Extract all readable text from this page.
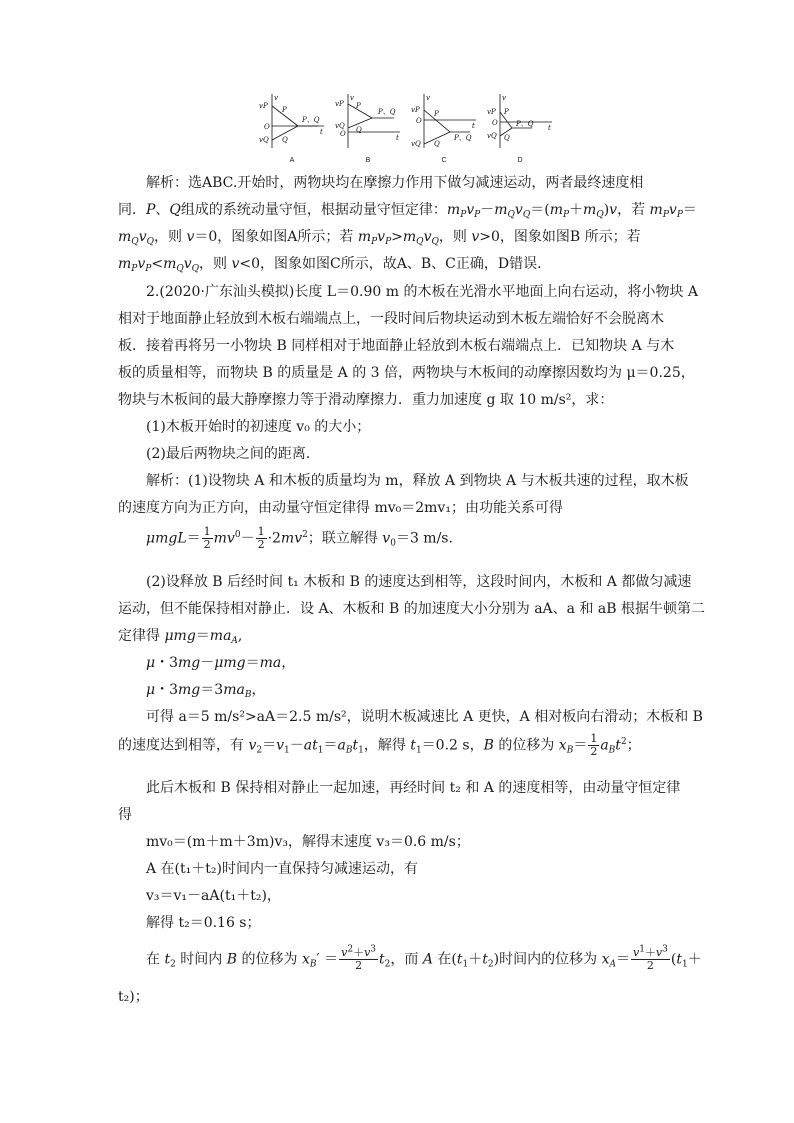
v
vP
O
vQ
P
Q
P、Q
t
A
v
vP
O
vQ
P
Q
P、Q
t
B
v
vP
O
vQ
P
Q
P、Q
t
C
v
vP
O
vQ
P
Q
P、Q t
D
解析：选ABC.开始时，两物块均在摩擦力作用下做匀减速运动，两者最终速度相
同．P、Q组成的系统动量守恒，根据动量守恒定律：$m_Pv_P-m_Qv_Q=(m_P+m_Q)v$，若 $m_Pv_P=$
$m_Qv_Q$，则 v＝0，图象如图A所示；若 $m_Pv_P>m_Qv_Q$，则 v>0，图象如图B 所示；若
$m_Pv_P<m_Qv_Q$，则 v<0，图象如图C所示，故A、B、C正确，D错误．
2.(2020·广东汕头模拟)长度 L＝0.90 m 的木板在光滑水平地面上向右运动，将小物块 A
相对于地面静止轻放到木板右端端点上，一段时间后物块运动到木板左端恰好不会脱离木
板．接着再将另一小物块 B 同样相对于地面静止轻放到木板右端端点上．已知物块 A 与木
板的质量相等，而物块 B 的质量是 A 的 3 倍，两物块与木板间的动摩擦因数均为 μ＝0.25，
物块与木板间的最大静摩擦力等于滑动摩擦力．重力加速度 g 取 10 m/s²，求：
(1)木板开始时的初速度 v₀ 的大小；
(2)最后两物块之间的距离．
解析：(1)设物块 A 和木板的质量均为 m，释放 A 到物块 A 与木板共速的过程，取木板
的速度方向为正方向，由动量守恒定律得 mv₀＝2mv₁；由功能关系可得
$\mu mgL= \frac{1}{2} mv^0- \frac{1}{2} \cdot 2mv^2$；联立解得 $v_0=3$ m/s.
(2)设释放 B 后经时间 t₁ 木板和 B 的速度达到相等，这段时间内，木板和 A 都做匀减速
运动，但不能保持相对静止．设 A、木板和 B 的加速度大小分别为 aA、a 和 aB 根据牛顿第二
定律得 $\mu mg=ma_A$,
μ・3mg－μmg＝ma，
μ・$3mg=3ma_B$，
可得 a＝5 m/s²>aA＝2.5 m/s²，说明木板减速比 A 更快，A 相对板向右滑动；木板和 B
的速度达到相等，有 $v_2=v_1-at_1=a_Bt_1$，解得 $t_1=0.2$ s，B 的位移为 $x_B= \frac{1}{2} a_Bt^2$；
此后木板和 B 保持相对静止一起加速，再经时间 t₂ 和 A 的速度相等，由动量守恒定律
得
mv₀＝(m＋m＋3m)v₃，解得末速度 v₃＝0.6 m/s；
A 在(t₁＋t₂)时间内一直保持匀减速运动，有
v₃＝v₁－aA(t₁＋t₂)，
解得 t₂＝0.16 s；
在 $t_2$ 时间内 B 的位移为 $x_B' = \frac{v^2+v^3}{2} t_2$，而 A 在$(t_1+t_2)$时间内的位移为 $x_A= \frac{v^1+v^3}{2} (t_1+$
t₂)；
